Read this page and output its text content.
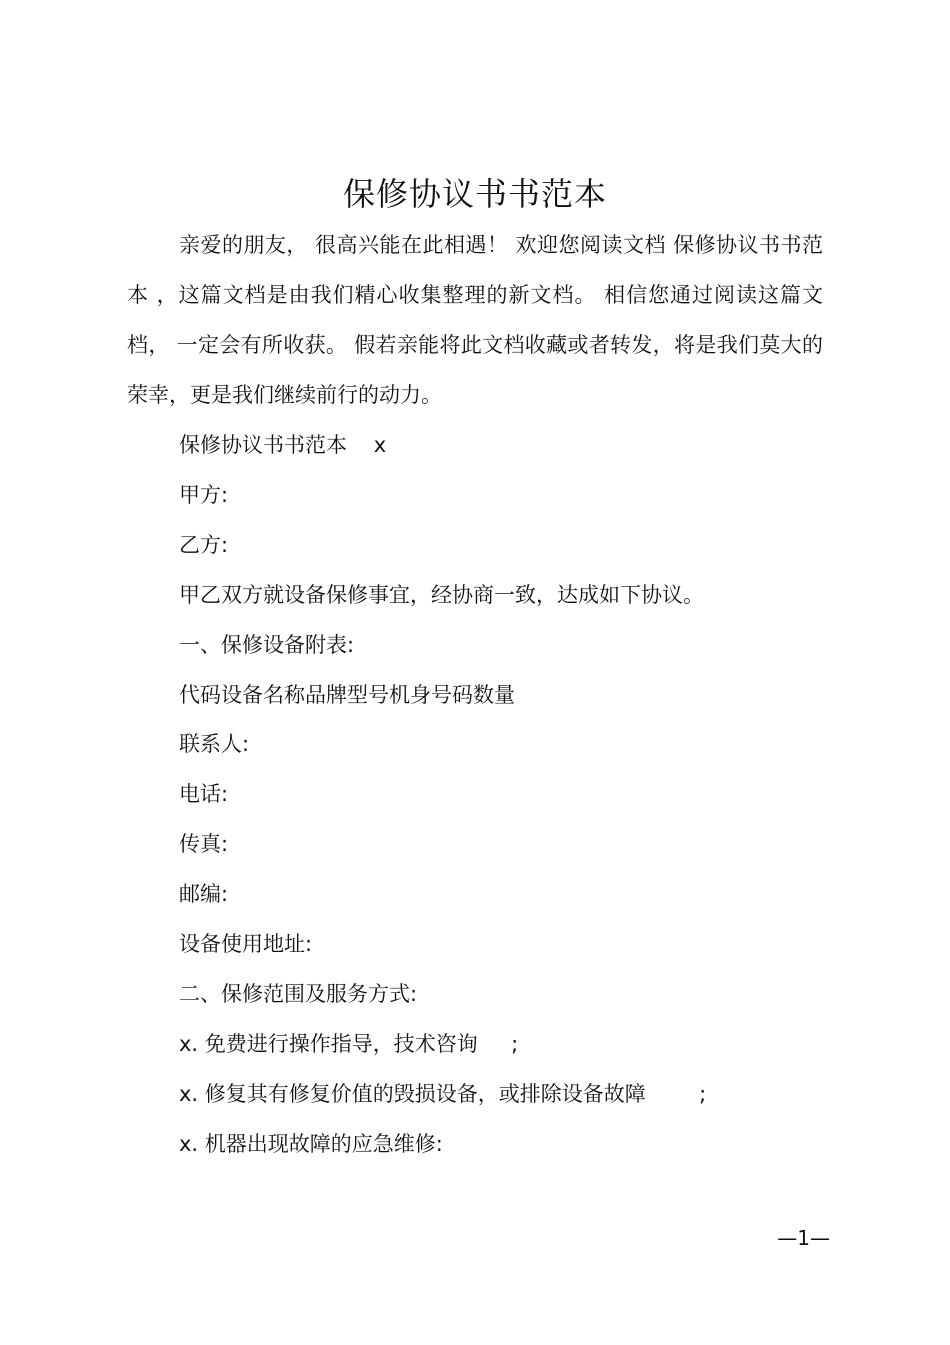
保修协议书书范本

亲爱的朋友， 很高兴能在此相遇！ 欢迎您阅读文档 保修协议书书范本 ，这篇文档是由我们精心收集整理的新文档。 相信您通过阅读这篇文档， 一定会有所收获。 假若亲能将此文档收藏或者转发，将是我们莫大的荣幸，更是我们继续前行的动力。

保修协议书书范本    x
甲方:
乙方:
甲乙双方就设备保修事宜，经协商一致，达成如下协议。
一、保修设备附表:
代码设备名称品牌型号机身号码数量
联系人:
电话:
传真:
邮编:
设备使用地址:
二、保修范围及服务方式:
x. 免费进行操作指导，技术咨询     ;
x. 修复其有修复价值的毁损设备，或排除设备故障        ;
x. 机器出现故障的应急维修:
—1—
